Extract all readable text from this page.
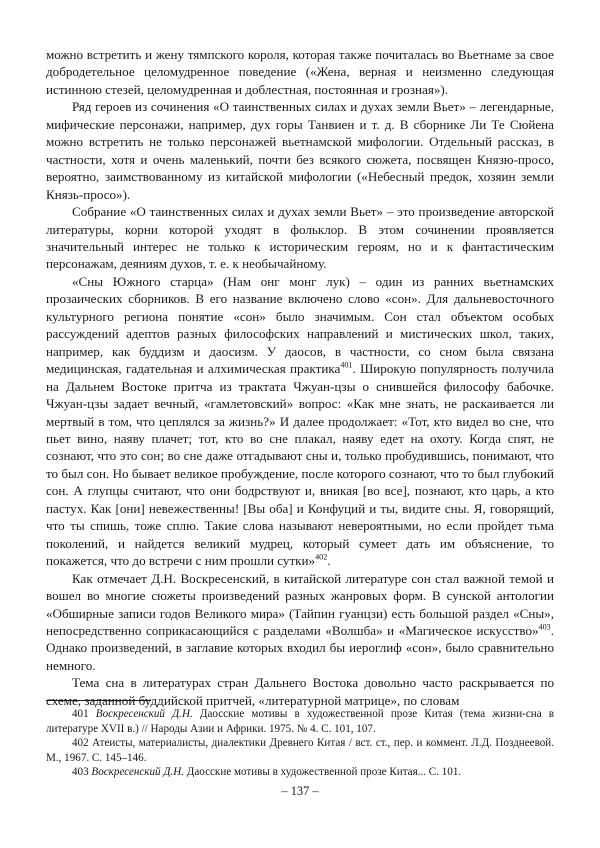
можно встретить и жену тямпского короля, которая также почиталась во Вьетнаме за свое добродетельное целомудренное поведение («Жена, верная и неизменно следующая истинною стезей, целомудренная и доблестная, постоянная и грозная»).

Ряд героев из сочинения «О таинственных силах и духах земли Вьет» – легендарные, мифические персонажи, например, дух горы Танвиен и т. д. В сборнике Ли Те Сюйена можно встретить не только персонажей вьетнамской мифологии. Отдельный рассказ, в частности, хотя и очень маленький, почти без всякого сюжета, посвящен Князю-просо, вероятно, заимствованному из китайской мифологии («Небесный предок, хозяин земли Князь-просо»).

Собрание «О таинственных силах и духах земли Вьет» – это произведение авторской литературы, корни которой уходят в фольклор. В этом сочинении проявляется значительный интерес не только к историческим героям, но и к фантастическим персонажам, деяниям духов, т. е. к необычайному.

«Сны Южного старца» (Нам онг монг лук) – один из ранних вьетнамских прозаических сборников. В его название включено слово «сон». Для дальневосточного культурного региона понятие «сон» было значимым. Сон стал объектом особых рассуждений адептов разных философских направлений и мистических школ, таких, например, как буддизм и даосизм. У даосов, в частности, со сном была связана медицинская, гадательная и алхимическая практика$^{401}$. Широкую популярность получила на Дальнем Востоке притча из трактата Чжуан-цзы о снившейся философу бабочке. Чжуан-цзы задает вечный, «гамлетовский» вопрос: «Как мне знать, не раскаивается ли мертвый в том, что цеплялся за жизнь?» И далее продолжает: «Тот, кто видел во сне, что пьет вино, наяву плачет; тот, кто во сне плакал, наяву едет на охоту. Когда спят, не сознают, что это сон; во сне даже отгадывают сны и, только пробудившись, понимают, что то был сон. Но бывает великое пробуждение, после которого сознают, что то был глубокий сон. А глупцы считают, что они бодрствуют и, вникая [во все], познают, кто царь, а кто пастух. Как [они] невежественны! [Вы оба] и Конфуций и ты, видите сны. Я, говорящий, что ты спишь, тоже сплю. Такие слова называют невероятными, но если пройдет тьма поколений, и найдется великий мудрец, который сумеет дать им объяснение, то покажется, что до встречи с ним прошли сутки»$^{402}$.

Как отмечает Д.Н. Воскресенский, в китайской литературе сон стал важной темой и вошел во многие сюжеты произведений разных жанровых форм. В сунской антологии «Обширные записи годов Великого мира» (Тайпин гуанцзи) есть большой раздел «Сны», непосредственно соприкасающийся с разделами «Волшба» и «Магическое искусство»$^{403}$. Однако произведений, в заглавие которых входил бы иероглиф «сон», было сравнительно немного.

Тема сна в литературах стран Дальнего Востока довольно часто раскрывается по схеме, заданной буддийской притчей, «литературной матрице», по словам

401 Воскресенский Д.Н. Даосские мотивы в художественной прозе Китая (тема жизни-сна в литературе XVII в.) // Народы Азии и Африки. 1975. № 4. С. 101, 107.

402 Атеисты, материалисты, диалектики Древнего Китая / вст. ст., пер. и коммент. Л.Д. Позднеевой. М., 1967. С. 145–146.

403 Воскресенский Д.Н. Даосские мотивы в художественной прозе Китая... С. 101.

– 137 –
